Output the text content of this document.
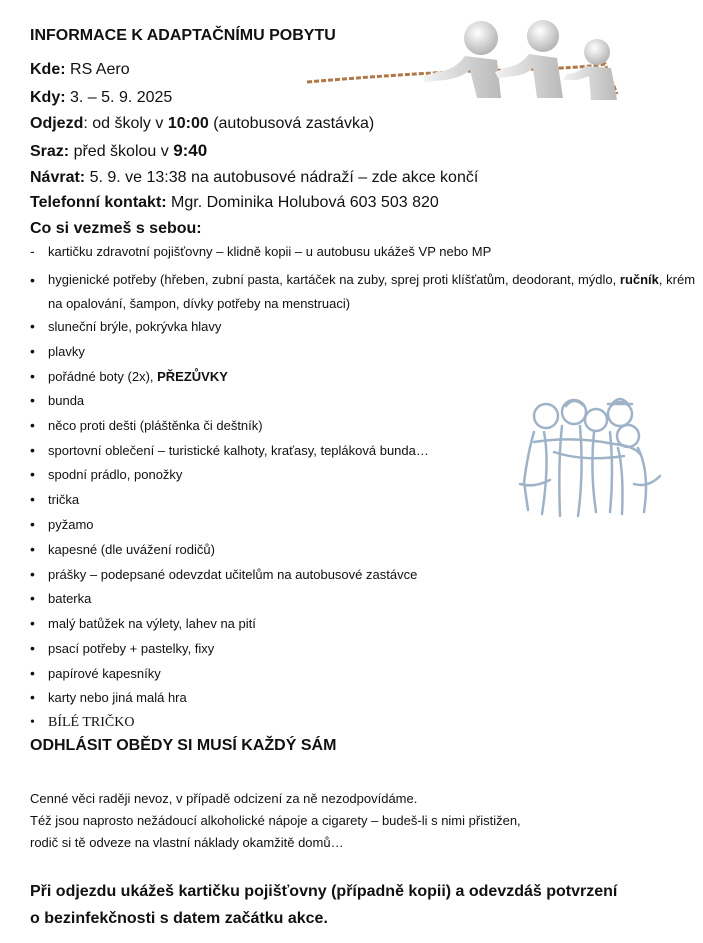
INFORMACE K ADAPTAČNÍMU POBYTU
Kde: RS Aero
Kdy: 3. – 5. 9. 2025
Odjezd: od školy v 10:00 (autobusová zastávka)
Sraz: před školou v 9:40
Návrat: 5. 9. ve 13:38 na autobusové nádraží – zde akce končí
Telefonní kontakt: Mgr. Dominika Holubová 603 503 820
Co si vezmeš s sebou:
- kartičku zdravotní pojišťovny – klidně kopii – u autobusu ukážeš VP nebo MP
• hygienické potřeby (hřeben, zubní pasta, kartáček na zuby, sprej proti klíšťatům, deodorant, mýdlo, ručník, krém na opalování, šampon, dívky potřeby na menstruaci)
• sluneční brýle, pokrývka hlavy
• plavky
• pořádné boty (2x), PŘEZŮVKY
• bunda
• něco proti dešti (pláštěnka či deštník)
• sportovní oblečení – turistické kalhoty, kraťasy, tepláková bunda…
• spodní prádlo, ponožky
• trička
• pyžamo
• kapesné (dle uvážení rodičů)
• prášky – podepsané odevzdat učitelům na autobusové zastávce
• baterka
• malý batůžek na výlety, lahev na pití
• psací potřeby + pastelky, fixy
• papírové kapesníky
• karty nebo jiná malá hra
• BÍLÉ TRIČKO
ODHLÁSIT OBĚDY SI MUSÍ KAŽDÝ SÁM
Cenné věci raději nevoz, v případě odcizení za ně nezodpovídáme.
Též jsou naprosto nežádoucí alkoholické nápoje a cigarety – budeš-li s nimi přistižen,
rodič si tě odveze na vlastní náklady okamžitě domů…
Při odjezdu ukážeš kartičku pojišťovny (případně kopii) a odevzdáš potvrzení
o bezinfekčnosti s datem začátku akce.
